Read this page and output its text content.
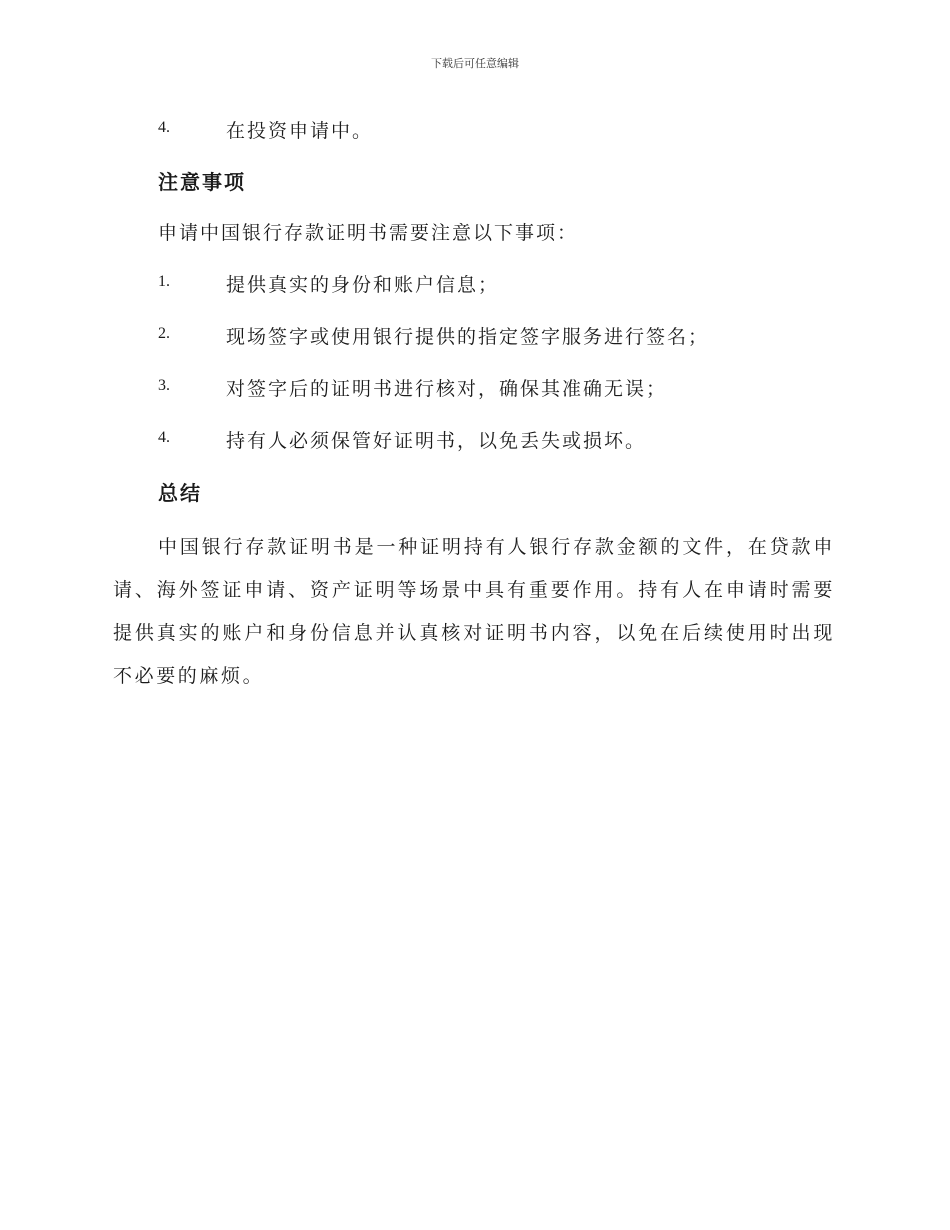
下载后可任意编辑
4.	在投资申请中。
注意事项
申请中国银行存款证明书需要注意以下事项：
1.	提供真实的身份和账户信息；
2.	现场签字或使用银行提供的指定签字服务进行签名；
3.	对签字后的证明书进行核对，确保其准确无误；
4.	持有人必须保管好证明书，以免丢失或损坏。
总结
中国银行存款证明书是一种证明持有人银行存款金额的文件，在贷款申请、海外签证申请、资产证明等场景中具有重要作用。持有人在申请时需要提供真实的账户和身份信息并认真核对证明书内容，以免在后续使用时出现不必要的麻烦。
